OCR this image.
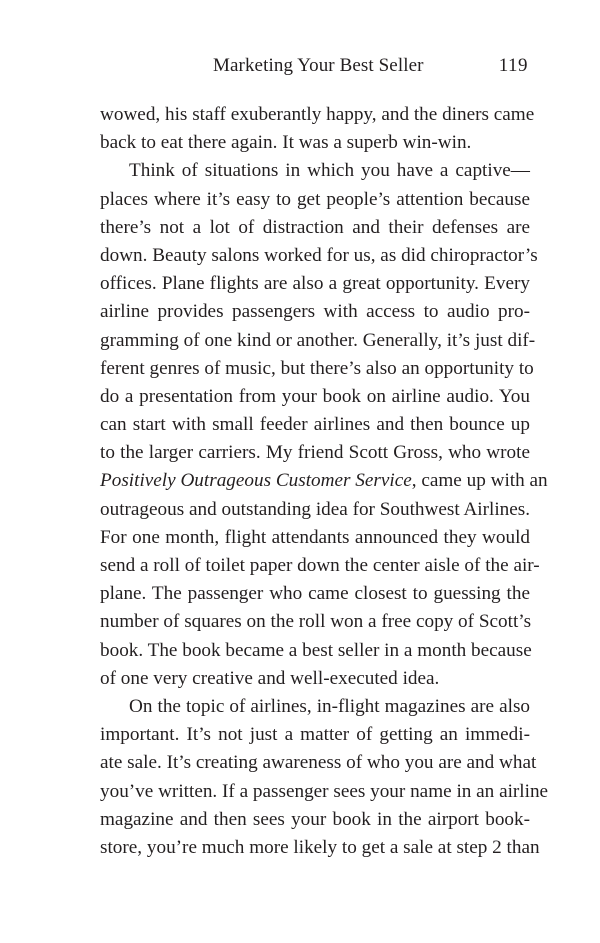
Marketing Your Best Seller	119
wowed, his staff exuberantly happy, and the diners came
back to eat there again. It was a superb win-win.
Think of situations in which you have a captive—
places where it’s easy to get people’s attention because
there’s not a lot of distraction and their defenses are
down. Beauty salons worked for us, as did chiropractor’s
offices. Plane flights are also a great opportunity. Every
airline provides passengers with access to audio pro-
gramming of one kind or another. Generally, it’s just dif-
ferent genres of music, but there’s also an opportunity to
do a presentation from your book on airline audio. You
can start with small feeder airlines and then bounce up
to the larger carriers. My friend Scott Gross, who wrote
Positively Outrageous Customer Service, came up with an
outrageous and outstanding idea for Southwest Airlines.
For one month, flight attendants announced they would
send a roll of toilet paper down the center aisle of the air-
plane. The passenger who came closest to guessing the
number of squares on the roll won a free copy of Scott’s
book. The book became a best seller in a month because
of one very creative and well-executed idea.
On the topic of airlines, in-flight magazines are also
important. It’s not just a matter of getting an immedi-
ate sale. It’s creating awareness of who you are and what
you’ve written. If a passenger sees your name in an airline
magazine and then sees your book in the airport book-
store, you’re much more likely to get a sale at step 2 than
